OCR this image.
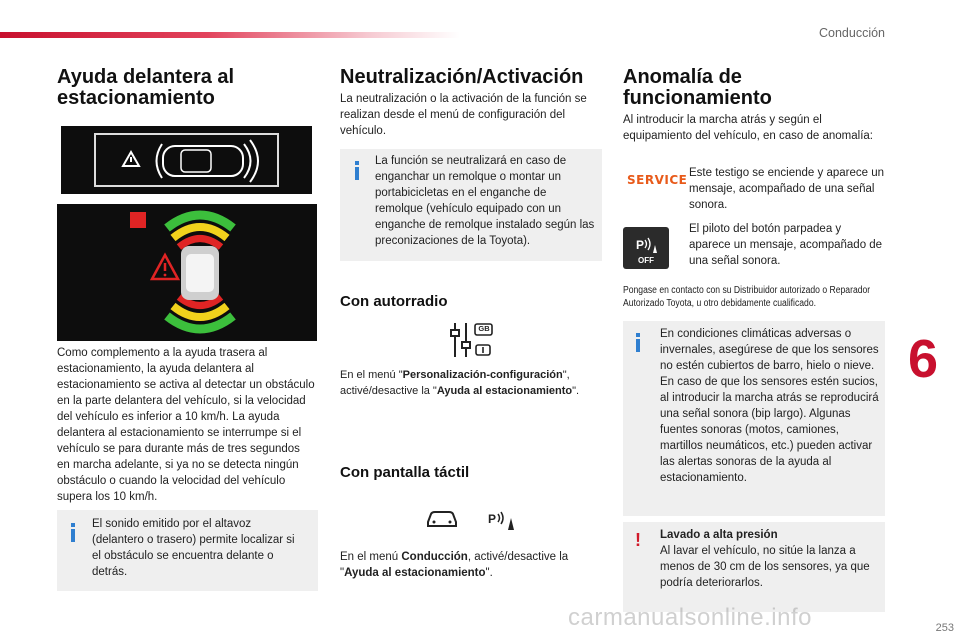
Conducción
6
253
Ayuda delantera al estacionamiento
Como complemento a la ayuda trasera al estacionamiento, la ayuda delantera al estacionamiento se activa al detectar un obstáculo en la parte delantera del vehículo, si la velocidad del vehículo es inferior a 10 km/h. La ayuda delantera al estacionamiento se interrumpe si el vehículo se para durante más de tres segundos en marcha adelante, si ya no se detecta ningún obstáculo o cuando la velocidad del vehículo supera los 10 km/h.
El sonido emitido por el altavoz (delantero o trasero) permite localizar si el obstáculo se encuentra delante o detrás.
Neutralización/Activación
La neutralización o la activación de la función se realizan desde el menú de configuración del vehículo.
La función se neutralizará en caso de enganchar un remolque o montar un portabicicletas en el enganche de remolque (vehículo equipado con un enganche de remolque instalado según las preconizaciones de la Toyota).
Con autorradio
GB
En el menú "Personalización-configuración", activé/desactive la "Ayuda al estacionamiento".
Con pantalla táctil
P
En el menú Conducción, activé/desactive la "Ayuda al estacionamiento".
Anomalía de funcionamiento
Al introducir la marcha atrás y según el equipamiento del vehículo, en caso de anomalía:
SERVICE Este testigo se enciende y aparece un mensaje, acompañado de una señal sonora.
P
OFF
El piloto del botón parpadea y aparece un mensaje, acompañado de una señal sonora.
Pongase en contacto con su Distribuidor autorizado o Reparador Autorizado Toyota, u otro debidamente cualificado.
En condiciones climáticas adversas o invernales, asegúrese de que los sensores no estén cubiertos de barro, hielo o nieve. En caso de que los sensores estén sucios, al introducir la marcha atrás se reproducirá una señal sonora (bip largo). Algunas fuentes sonoras (motos, camiones, martillos neumáticos, etc.) pueden activar las alertas sonoras de la ayuda al estacionamiento.
! Lavado a alta presión
Al lavar el vehículo, no sitúe la lanza a menos de 30 cm de los sensores, ya que podría deteriorarlos.
carmanualsonline.info
